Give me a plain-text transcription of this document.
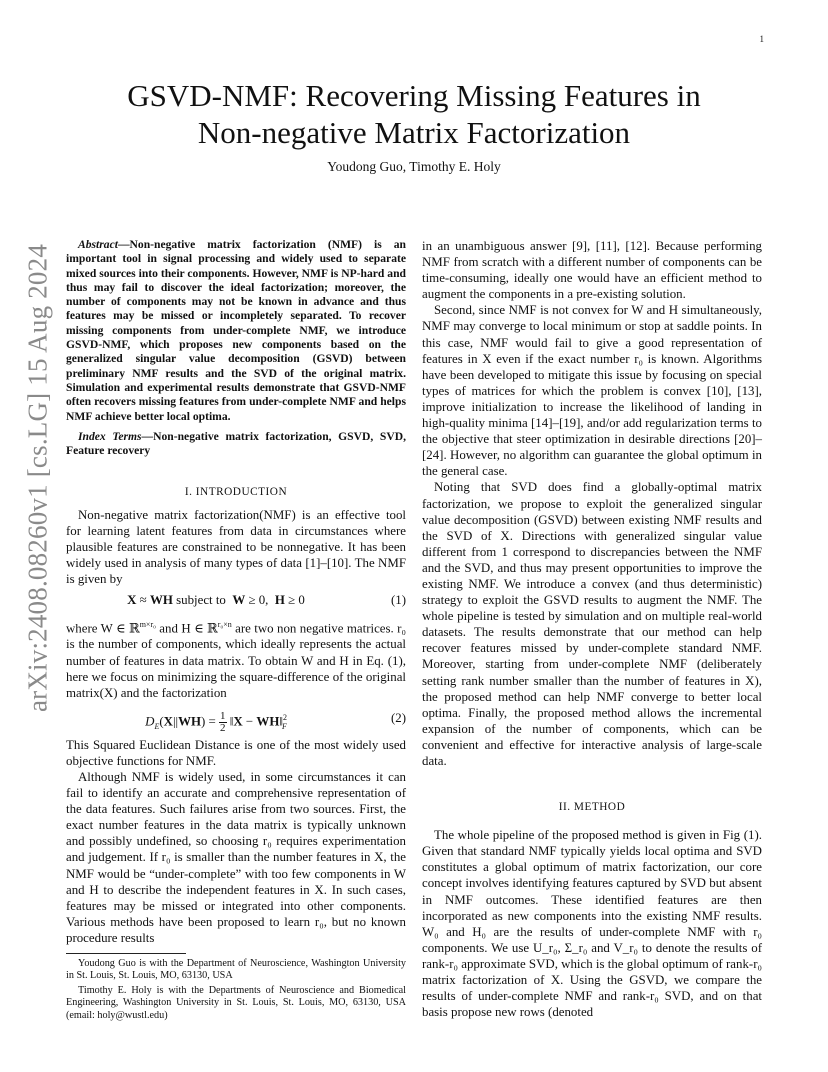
1
arXiv:2408.08260v1 [cs.LG] 15 Aug 2024
GSVD-NMF: Recovering Missing Features in
Non-negative Matrix Factorization
Youdong Guo, Timothy E. Holy

Abstract—Non-negative matrix factorization (NMF) is an important tool in signal processing and widely used to separate mixed sources into their components. However, NMF is NP-hard and thus may fail to discover the ideal factorization; moreover, the number of components may not be known in advance and thus features may be missed or incompletely separated. To recover missing components from under-complete NMF, we introduce GSVD-NMF, which proposes new components based on the generalized singular value decomposition (GSVD) between preliminary NMF results and the SVD of the original matrix. Simulation and experimental results demonstrate that GSVD-NMF often recovers missing features from under-complete NMF and helps NMF achieve better local optima.

Index Terms—Non-negative matrix factorization, GSVD, SVD, Feature recovery

I. INTRODUCTION

Non-negative matrix factorization(NMF) is an effective tool for learning latent features from data in circumstances where plausible features are constrained to be nonnegative. It has been widely used in analysis of many types of data [1]–[10]. The NMF is given by

X ≈ WH subject to  W ≥ 0,  H ≥ 0	(1)

where W ∈ ℝ$^{m\times r_0}$ and H ∈ ℝ$^{r_0\times n}$ are two non negative matrices. r₀ is the number of components, which ideally represents the actual number of features in data matrix. To obtain W and H in Eq. (1), here we focus on minimizing the square-difference of the original matrix(X) and the factorization

$D_E(X||WH) = \frac{1}{2}$ ‖X − WH‖$^2_F$
(2)

This Squared Euclidean Distance is one of the most widely used objective functions for NMF.

Although NMF is widely used, in some circumstances it can fail to identify an accurate and comprehensive representation of the data features. Such failures arise from two sources. First, the exact number features in the data matrix is typically unknown and possibly undefined, so choosing r₀ requires experimentation and judgement. If r₀ is smaller than the number features in X, the NMF would be “under-complete” with too few components in W and H to describe the independent features in X. In such cases, features may be missed or integrated into other components. Various methods have been proposed to learn r₀, but no known procedure results

Youdong Guo is with the Department of Neuroscience, Washington University in St. Louis, St. Louis, MO, 63130, USA

Timothy E. Holy is with the Departments of Neuroscience and Biomedical Engineering, Washington University in St. Louis, St. Louis, MO, 63130, USA (email: holy@wustl.edu)

in an unambiguous answer [9], [11], [12]. Because performing NMF from scratch with a different number of components can be time-consuming, ideally one would have an efficient method to augment the components in a pre-existing solution.

Second, since NMF is not convex for W and H simultaneously, NMF may converge to local minimum or stop at saddle points. In this case, NMF would fail to give a good representation of features in X even if the exact number r₀ is known. Algorithms have been developed to mitigate this issue by focusing on special types of matrices for which the problem is convex [10], [13], improve initialization to increase the likelihood of landing in high-quality minima [14]–[19], and/or add regularization terms to the objective that steer optimization in desirable directions [20]–[24]. However, no algorithm can guarantee the global optimum in the general case.

Noting that SVD does find a globally-optimal matrix factorization, we propose to exploit the generalized singular value decomposition (GSVD) between existing NMF results and the SVD of X. Directions with generalized singular value different from 1 correspond to discrepancies between the NMF and the SVD, and thus may present opportunities to improve the existing NMF. We introduce a convex (and thus deterministic) strategy to exploit the GSVD results to augment the NMF. The whole pipeline is tested by simulation and on multiple real-world datasets. The results demonstrate that our method can help recover features missed by under-complete standard NMF. Moreover, starting from under-complete NMF (deliberately setting rank number smaller than the number of features in X), the proposed method can help NMF converge to better local optima. Finally, the proposed method allows the incremental expansion of the number of components, which can be convenient and effective for interactive analysis of large-scale data.

II. METHOD

The whole pipeline of the proposed method is given in Fig (1). Given that standard NMF typically yields local optima and SVD constitutes a global optimum of matrix factorization, our core concept involves identifying features captured by SVD but absent in NMF outcomes. These identified features are then incorporated as new components into the existing NMF results. W₀ and H₀ are the results of under-complete NMF with r₀ components. We use U_r₀, Σ_r₀ and V_r₀ to denote the results of rank-r₀ approximate SVD, which is the global optimum of rank-r₀ matrix factorization of X. Using the GSVD, we compare the results of under-complete NMF and rank-r₀ SVD, and on that basis propose new rows (denoted
